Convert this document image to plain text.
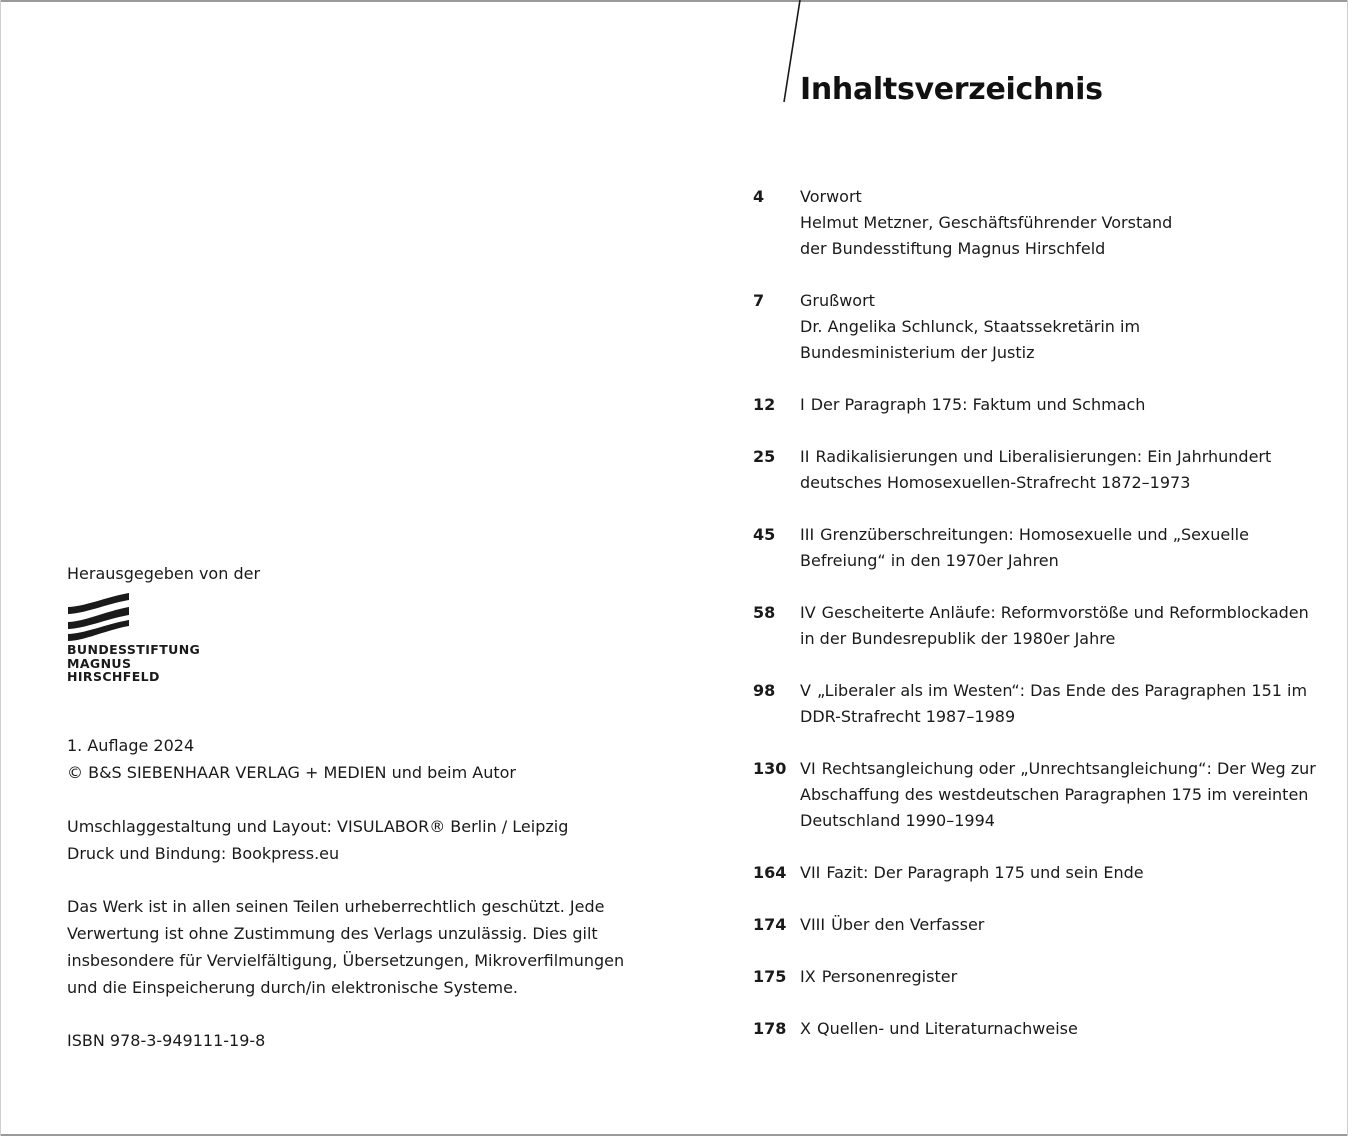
Herausgegeben von der

BUNDESSTIFTUNG
MAGNUS
HIRSCHFELD

1. Auflage 2024

© B&S SIEBENHAAR VERLAG + MEDIEN und beim Autor

Umschlaggestaltung und Layout: VISULABOR® Berlin / Leipzig

Druck und Bindung: Bookpress.eu

Das Werk ist in allen seinen Teilen urheberrechtlich geschützt. Jede

Verwertung ist ohne Zustimmung des Verlags unzulässig. Dies gilt

insbesondere für Vervielfältigung, Übersetzungen, Mikroverfilmungen

und die Einspeicherung durch/in elektronische Systeme.

ISBN 978-3-949111-19-8

Inhaltsverzeichnis
4	Vorwort
Helmut Metzner, Geschäftsführender Vorstand
der Bundesstiftung Magnus Hirschfeld
7	Grußwort
Dr. Angelika Schlunck, Staatssekretärin im
Bundesministerium der Justiz
12	I Der Paragraph 175: Faktum und Schmach
25	II Radikalisierungen und Liberalisierungen: Ein Jahrhundert
deutsches Homosexuellen-Strafrecht 1872–1973
45	III Grenzüberschreitungen: Homosexuelle und „Sexuelle
Befreiung“ in den 1970er Jahren
58	IV Gescheiterte Anläufe: Reformvorstöße und Reformblockaden
in der Bundesrepublik der 1980er Jahre
98	V „Liberaler als im Westen“: Das Ende des Paragraphen 151 im
DDR-Strafrecht 1987–1989
130 VI Rechtsangleichung oder „Unrechtsangleichung“: Der Weg zur
Abschaffung des westdeutschen Paragraphen 175 im vereinten
Deutschland 1990–1994
164 VII Fazit: Der Paragraph 175 und sein Ende
174 VIII Über den Verfasser
175 IX Personenregister
178 X Quellen- und Literaturnachweise
